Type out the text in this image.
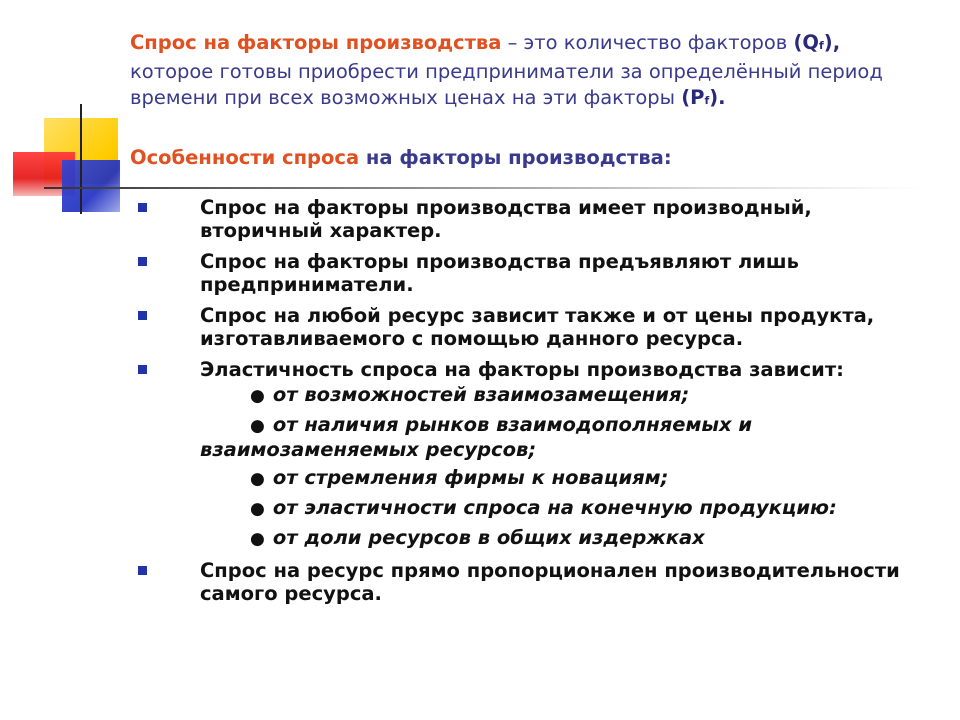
Спрос на факторы производства – это количество факторов (Qf), которое готовы приобрести предприниматели за определённый период времени при всех возможных ценах на эти факторы (Pf).
Особенности спроса на факторы производства:
Спрос на факторы производства имеет производный, вторичный характер.
Спрос на факторы производства предъявляют лишь предприниматели.
Спрос на любой ресурс зависит также и от цены продукта, изготавливаемого с помощью данного ресурса.
Эластичность спроса на факторы производства зависит:
● от возможностей взаимозамещения;
● от наличия рынков взаимодополняемых и взаимозаменяемых ресурсов;
● от стремления фирмы к новациям;
● от эластичности спроса на конечную продукцию:
● от доли ресурсов в общих издержках
Спрос на ресурс прямо пропорционален производительности самого ресурса.
